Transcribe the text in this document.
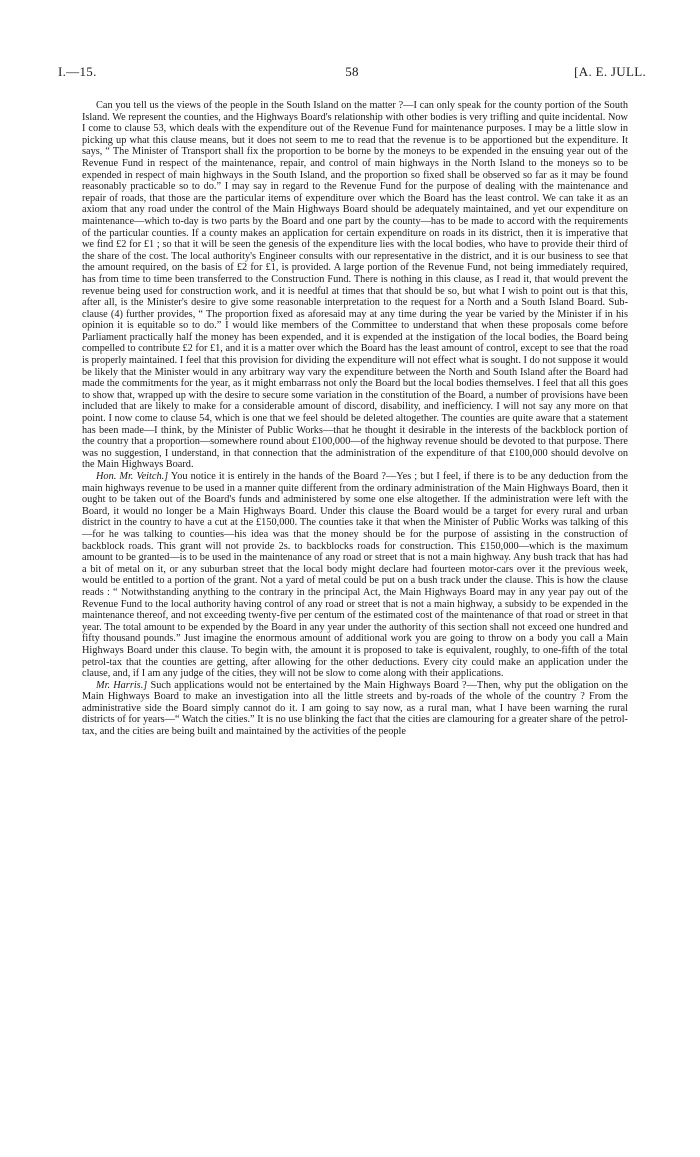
I.—15.	58	[A. E. JULL.

Can you tell us the views of the people in the South Island on the matter ?—I can only speak for the county portion of the South Island. We represent the counties, and the Highways Board's relationship with other bodies is very trifling and quite incidental. Now I come to clause 53, which deals with the expenditure out of the Revenue Fund for maintenance purposes. I may be a little slow in picking up what this clause means, but it does not seem to me to read that the revenue is to be apportioned but the expenditure. It says, “ The Minister of Transport shall fix the proportion to be borne by the moneys to be expended in the ensuing year out of the Revenue Fund in respect of the maintenance, repair, and control of main highways in the North Island to the moneys so to be expended in respect of main highways in the South Island, and the proportion so fixed shall be observed so far as it may be found reasonably practicable so to do.” I may say in regard to the Revenue Fund for the purpose of dealing with the maintenance and repair of roads, that those are the particular items of expenditure over which the Board has the least control. We can take it as an axiom that any road under the control of the Main Highways Board should be adequately maintained, and yet our expenditure on maintenance—which to-day is two parts by the Board and one part by the county—has to be made to accord with the requirements of the particular counties. If a county makes an application for certain expenditure on roads in its district, then it is imperative that we find £2 for £1 ; so that it will be seen the genesis of the expenditure lies with the local bodies, who have to provide their third of the share of the cost. The local authority's Engineer consults with our representative in the district, and it is our business to see that the amount required, on the basis of £2 for £1, is provided. A large portion of the Revenue Fund, not being immediately required, has from time to time been transferred to the Construction Fund. There is nothing in this clause, as I read it, that would prevent the revenue being used for construction work, and it is needful at times that that should be so, but what I wish to point out is that this, after all, is the Minister's desire to give some reasonable interpretation to the request for a North and a South Island Board. Sub-clause (4) further provides, “ The proportion fixed as aforesaid may at any time during the year be varied by the Minister if in his opinion it is equitable so to do.” I would like members of the Committee to understand that when these proposals come before Parliament practically half the money has been expended, and it is expended at the instigation of the local bodies, the Board being compelled to contribute £2 for £1, and it is a matter over which the Board has the least amount of control, except to see that the road is properly maintained. I feel that this provision for dividing the expenditure will not effect what is sought. I do not suppose it would be likely that the Minister would in any arbitrary way vary the expenditure between the North and South Island after the Board had made the commitments for the year, as it might embarrass not only the Board but the local bodies themselves. I feel that all this goes to show that, wrapped up with the desire to secure some variation in the constitution of the Board, a number of provisions have been included that are likely to make for a considerable amount of discord, disability, and inefficiency. I will not say any more on that point. I now come to clause 54, which is one that we feel should be deleted altogether. The counties are quite aware that a statement has been made—I think, by the Minister of Public Works—that he thought it desirable in the interests of the backblock portion of the country that a proportion—somewhere round about £100,000—of the highway revenue should be devoted to that purpose. There was no suggestion, I understand, in that connection that the administration of the expenditure of that £100,000 should devolve on the Main Highways Board.

Hon. Mr. Veitch.] You notice it is entirely in the hands of the Board ?—Yes ; but I feel, if there is to be any deduction from the main highways revenue to be used in a manner quite different from the ordinary administration of the Main Highways Board, then it ought to be taken out of the Board's funds and administered by some one else altogether. If the administration were left with the Board, it would no longer be a Main Highways Board. Under this clause the Board would be a target for every rural and urban district in the country to have a cut at the £150,000. The counties take it that when the Minister of Public Works was talking of this—for he was talking to counties—his idea was that the money should be for the purpose of assisting in the construction of backblock roads. This grant will not provide 2s. to backblocks roads for construction. This £150,000—which is the maximum amount to be granted—is to be used in the maintenance of any road or street that is not a main highway. Any bush track that has had a bit of metal on it, or any suburban street that the local body might declare had fourteen motor-cars over it the previous week, would be entitled to a portion of the grant. Not a yard of metal could be put on a bush track under the clause. This is how the clause reads : “ Notwithstanding anything to the contrary in the principal Act, the Main Highways Board may in any year pay out of the Revenue Fund to the local authority having control of any road or street that is not a main highway, a subsidy to be expended in the maintenance thereof, and not exceeding twenty-five per centum of the estimated cost of the maintenance of that road or street in that year. The total amount to be expended by the Board in any year under the authority of this section shall not exceed one hundred and fifty thousand pounds.” Just imagine the enormous amount of additional work you are going to throw on a body you call a Main Highways Board under this clause. To begin with, the amount it is proposed to take is equivalent, roughly, to one-fifth of the total petrol-tax that the counties are getting, after allowing for the other deductions. Every city could make an application under the clause, and, if I am any judge of the cities, they will not be slow to come along with their applications.

Mr. Harris.] Such applications would not be entertained by the Main Highways Board ?—Then, why put the obligation on the Main Highways Board to make an investigation into all the little streets and by-roads of the whole of the country ? From the administrative side the Board simply cannot do it. I am going to say now, as a rural man, what I have been warning the rural districts of for years—“ Watch the cities.” It is no use blinking the fact that the cities are clamouring for a greater share of the petrol-tax, and the cities are being built and maintained by the activities of the people
